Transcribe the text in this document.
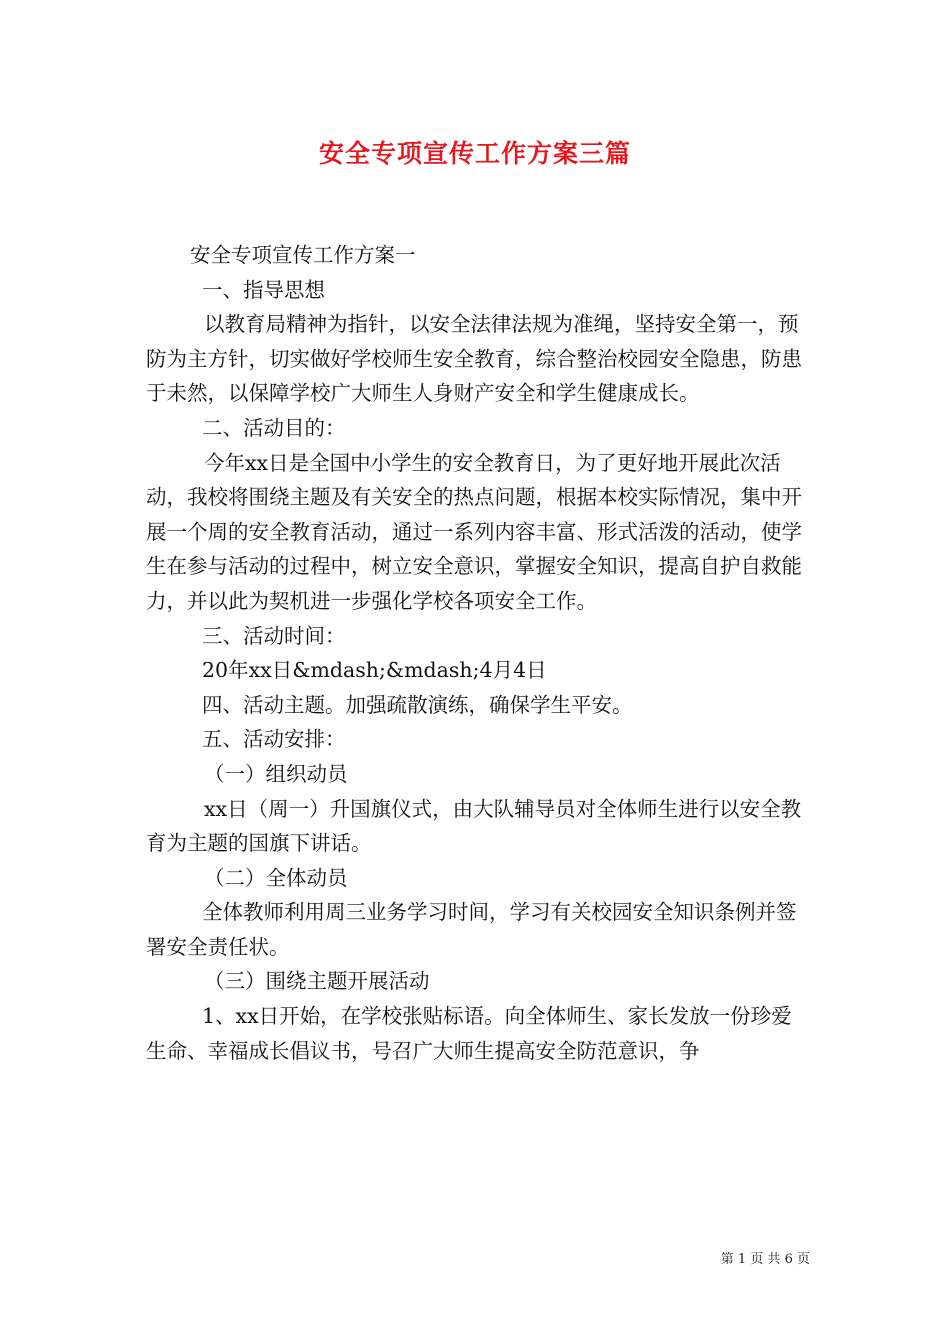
安全专项宣传工作方案三篇

安全专项宣传工作方案一

一、指导思想

以教育局精神为指针，以安全法律法规为准绳，坚持安全第一，预防为主方针，切实做好学校师生安全教育，综合整治校园安全隐患，防患于未然，以保障学校广大师生人身财产安全和学生健康成长。

二、活动目的：

今年xx日是全国中小学生的安全教育日，为了更好地开展此次活动，我校将围绕主题及有关安全的热点问题，根据本校实际情况，集中开展一个周的安全教育活动，通过一系列内容丰富、形式活泼的活动，使学生在参与活动的过程中，树立安全意识，掌握安全知识，提高自护自救能力，并以此为契机进一步强化学校各项安全工作。

三、活动时间：

20年xx日&mdash;&mdash;4月4日

四、活动主题。加强疏散演练，确保学生平安。

五、活动安排：

（一）组织动员

xx日（周一）升国旗仪式，由大队辅导员对全体师生进行以安全教育为主题的国旗下讲话。

（二）全体动员

全体教师利用周三业务学习时间，学习有关校园安全知识条例并签署安全责任状。

（三）围绕主题开展活动

1、xx日开始，在学校张贴标语。向全体师生、家长发放一份珍爱生命、幸福成长倡议书，号召广大师生提高安全防范意识，争

第 1 页 共 6 页
